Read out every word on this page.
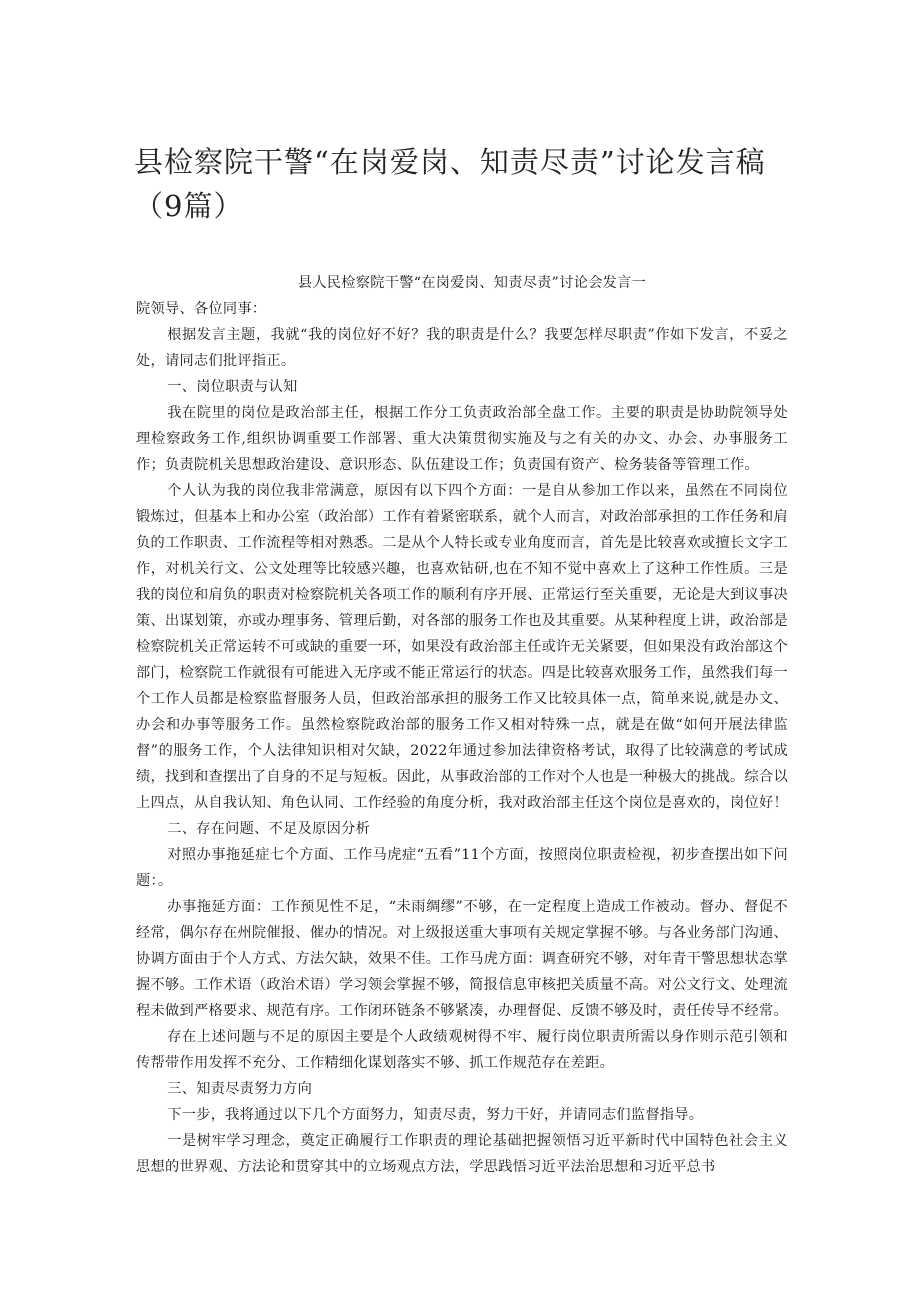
县检察院干警“在岗爱岗、知责尽责”讨论发言稿（9篇）

县人民检察院干警“在岗爱岗、知责尽责”讨论会发言一

院领导、各位同事：

根据发言主题，我就“我的岗位好不好？我的职责是什么？我要怎样尽职责”作如下发言，不妥之处，请同志们批评指正。

一、岗位职责与认知

我在院里的岗位是政治部主任，根据工作分工负责政治部全盘工作。主要的职责是协助院领导处理检察政务工作,组织协调重要工作部署、重大决策贯彻实施及与之有关的办文、办会、办事服务工作；负责院机关思想政治建设、意识形态、队伍建设工作；负责国有资产、检务装备等管理工作。

个人认为我的岗位我非常满意，原因有以下四个方面：一是自从参加工作以来，虽然在不同岗位锻炼过，但基本上和办公室（政治部）工作有着紧密联系，就个人而言，对政治部承担的工作任务和肩负的工作职责、工作流程等相对熟悉。二是从个人特长或专业角度而言，首先是比较喜欢或擅长文字工作，对机关行文、公文处理等比较感兴趣，也喜欢钻研,也在不知不觉中喜欢上了这种工作性质。三是我的岗位和肩负的职责对检察院机关各项工作的顺利有序开展、正常运行至关重要，无论是大到议事决策、出谋划策，亦或办理事务、管理后勤，对各部的服务工作也及其重要。从某种程度上讲，政治部是检察院机关正常运转不可或缺的重要一环，如果没有政治部主任或许无关紧要，但如果没有政治部这个部门，检察院工作就很有可能进入无序或不能正常运行的状态。四是比较喜欢服务工作，虽然我们每一个工作人员都是检察监督服务人员，但政治部承担的服务工作又比较具体一点，简单来说,就是办文、办会和办事等服务工作。虽然检察院政治部的服务工作又相对特殊一点，就是在做“如何开展法律监督”的服务工作，个人法律知识相对欠缺，2022年通过参加法律资格考试，取得了比较满意的考试成绩，找到和查摆出了自身的不足与短板。因此，从事政治部的工作对个人也是一种极大的挑战。综合以上四点，从自我认知、角色认同、工作经验的角度分析，我对政治部主任这个岗位是喜欢的，岗位好！

二、存在问题、不足及原因分析

对照办事拖延症七个方面、工作马虎症“五看”11个方面，按照岗位职责检视，初步查摆出如下问题：。

办事拖延方面：工作预见性不足，“未雨绸缪”不够，在一定程度上造成工作被动。督办、督促不经常，偶尔存在州院催报、催办的情况。对上级报送重大事项有关规定掌握不够。与各业务部门沟通、协调方面由于个人方式、方法欠缺，效果不佳。工作马虎方面：调查研究不够，对年青干警思想状态掌握不够。工作术语（政治术语）学习领会掌握不够，简报信息审核把关质量不高。对公文行文、处理流程未做到严格要求、规范有序。工作闭环链条不够紧凑，办理督促、反馈不够及时，责任传导不经常。

存在上述问题与不足的原因主要是个人政绩观树得不牢、履行岗位职责所需以身作则示范引领和传帮带作用发挥不充分、工作精细化谋划落实不够、抓工作规范存在差距。

三、知责尽责努力方向

下一步，我将通过以下几个方面努力，知责尽责，努力干好，并请同志们监督指导。

一是树牢学习理念，奠定正确履行工作职责的理论基础把握领悟习近平新时代中国特色社会主义思想的世界观、方法论和贯穿其中的立场观点方法，学思践悟习近平法治思想和习近平总书
